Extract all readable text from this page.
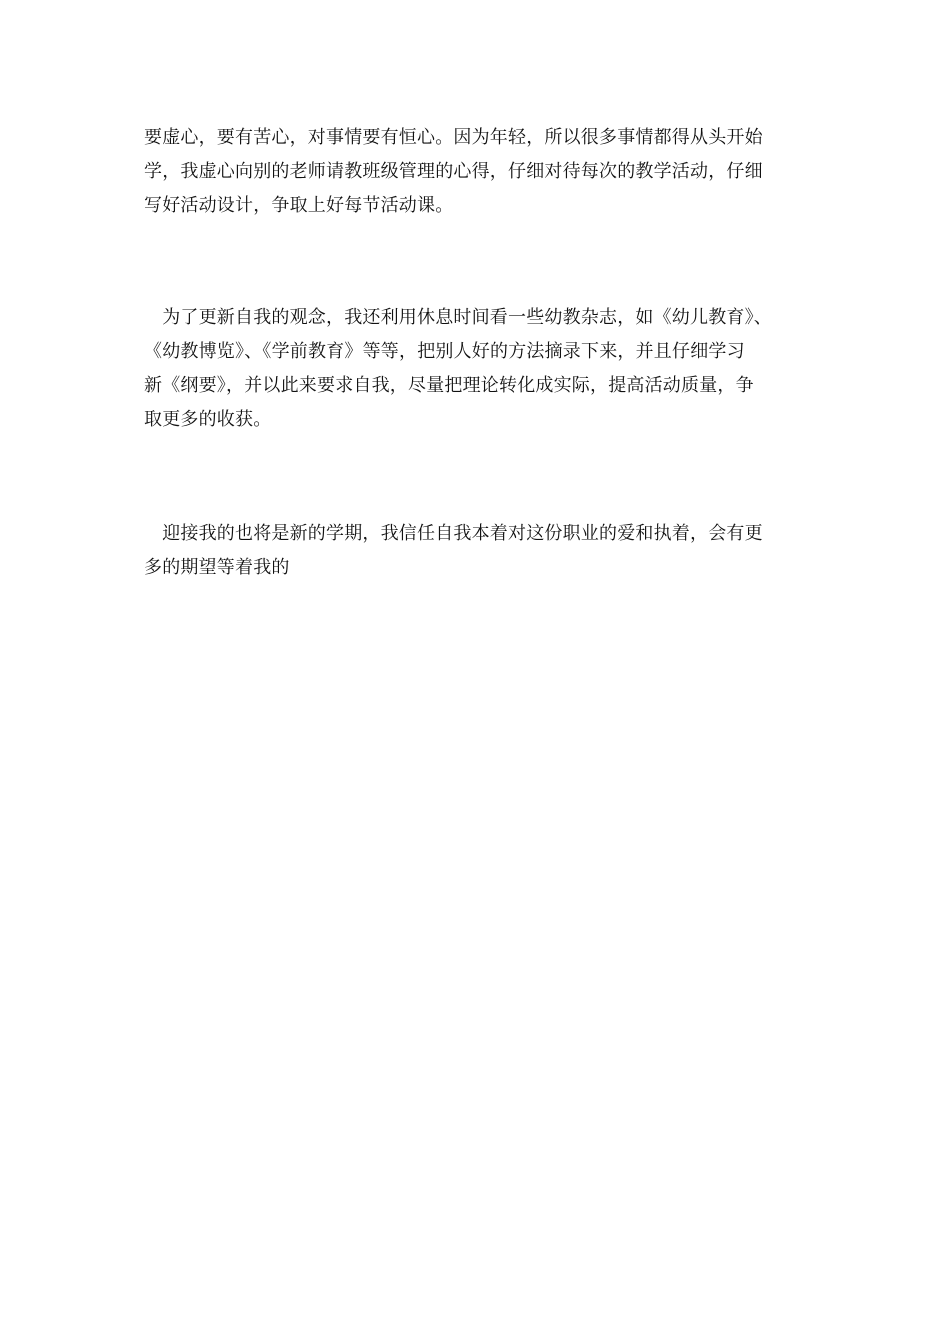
要虚心，要有苦心，对事情要有恒心。因为年轻，所以很多事情都得从头开始
学，我虚心向别的老师请教班级管理的心得，仔细对待每次的教学活动，仔细
写好活动设计，争取上好每节活动课。
　为了更新自我的观念，我还利用休息时间看一些幼教杂志，如《幼儿教育》、
《幼教博览》、《学前教育》等等，把别人好的方法摘录下来，并且仔细学习
新《纲要》，并以此来要求自我，尽量把理论转化成实际，提高活动质量，争
取更多的收获。
　迎接我的也将是新的学期，我信任自我本着对这份职业的爱和执着，会有更
多的期望等着我的
